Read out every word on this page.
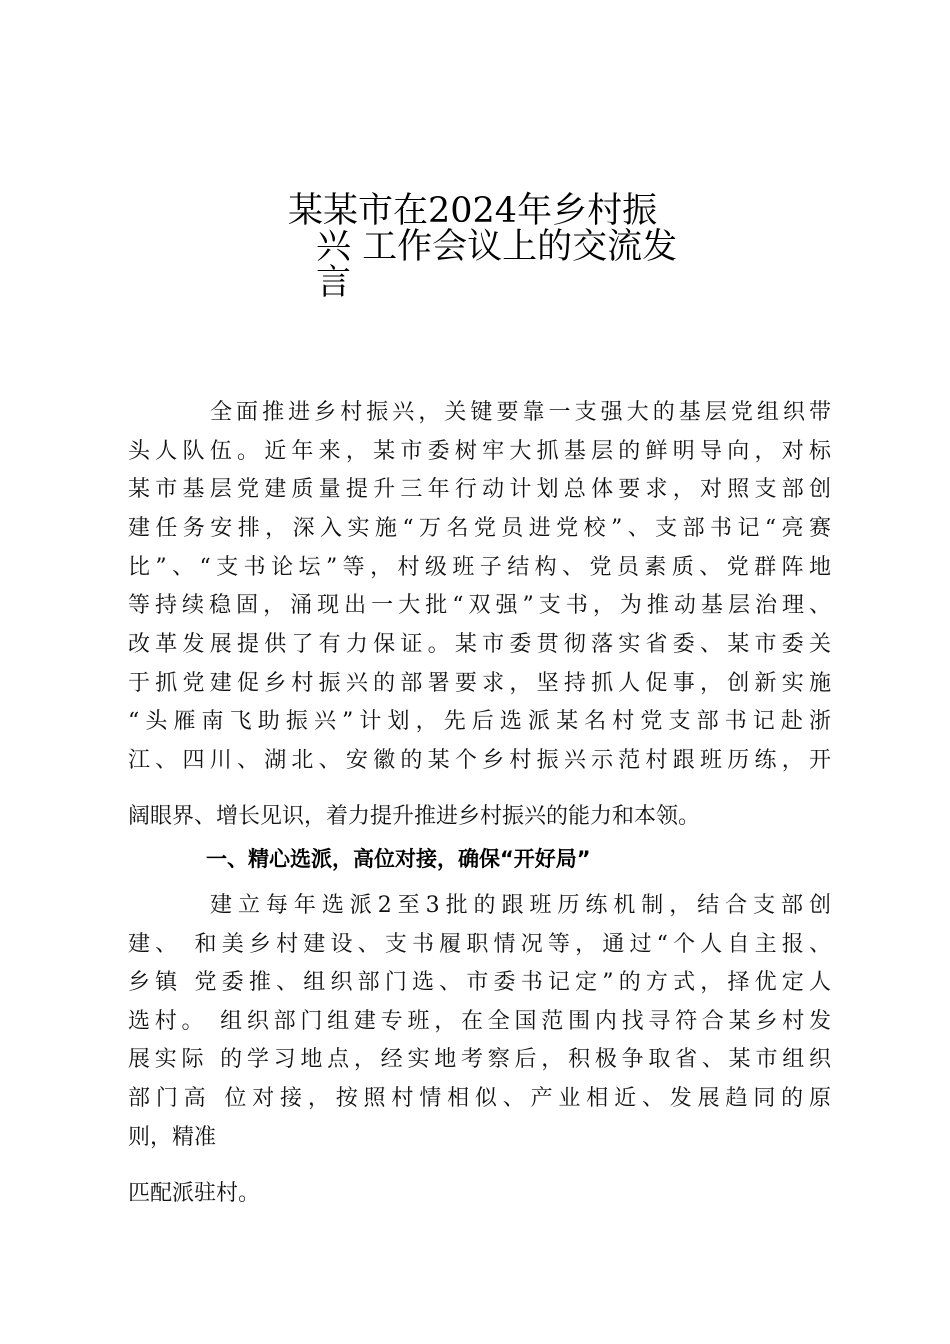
某某市在2024年乡村振
兴 工作会议上的交流发
言
全面推进乡村振兴，关键要靠一支强大的基层党组织带
头人队伍。近年来，某市委树牢大抓基层的鲜明导向，对标
某市基层党建质量提升三年行动计划总体要求，对照支部创
建任务安排，深入实施“万名党员进党校”、支部书记“亮赛
比”、“支书论坛”等，村级班子结构、党员素质、党群阵地
等持续稳固，涌现出一大批“双强”支书，为推动基层治理、
改革发展提供了有力保证。某市委贯彻落实省委、某市委关
于抓党建促乡村振兴的部署要求，坚持抓人促事，创新实施
“头雁南飞助振兴”计划，先后选派某名村党支部书记赴浙
江、四川、湖北、安徽的某个乡村振兴示范村跟班历练，开
阔眼界、增长见识，着力提升推进乡村振兴的能力和本领。
一、精心选派，高位对接，确保“开好局”
建立每年选派2至3批的跟班历练机制，结合支部创
建、 和美乡村建设、支书履职情况等，通过“个人自主报、
乡镇 党委推、组织部门选、市委书记定”的方式，择优定人
选村。 组织部门组建专班，在全国范围内找寻符合某乡村发
展实际 的学习地点，经实地考察后，积极争取省、某市组织
部门高 位对接，按照村情相似、产业相近、发展趋同的原
则，精准
匹配派驻村。
